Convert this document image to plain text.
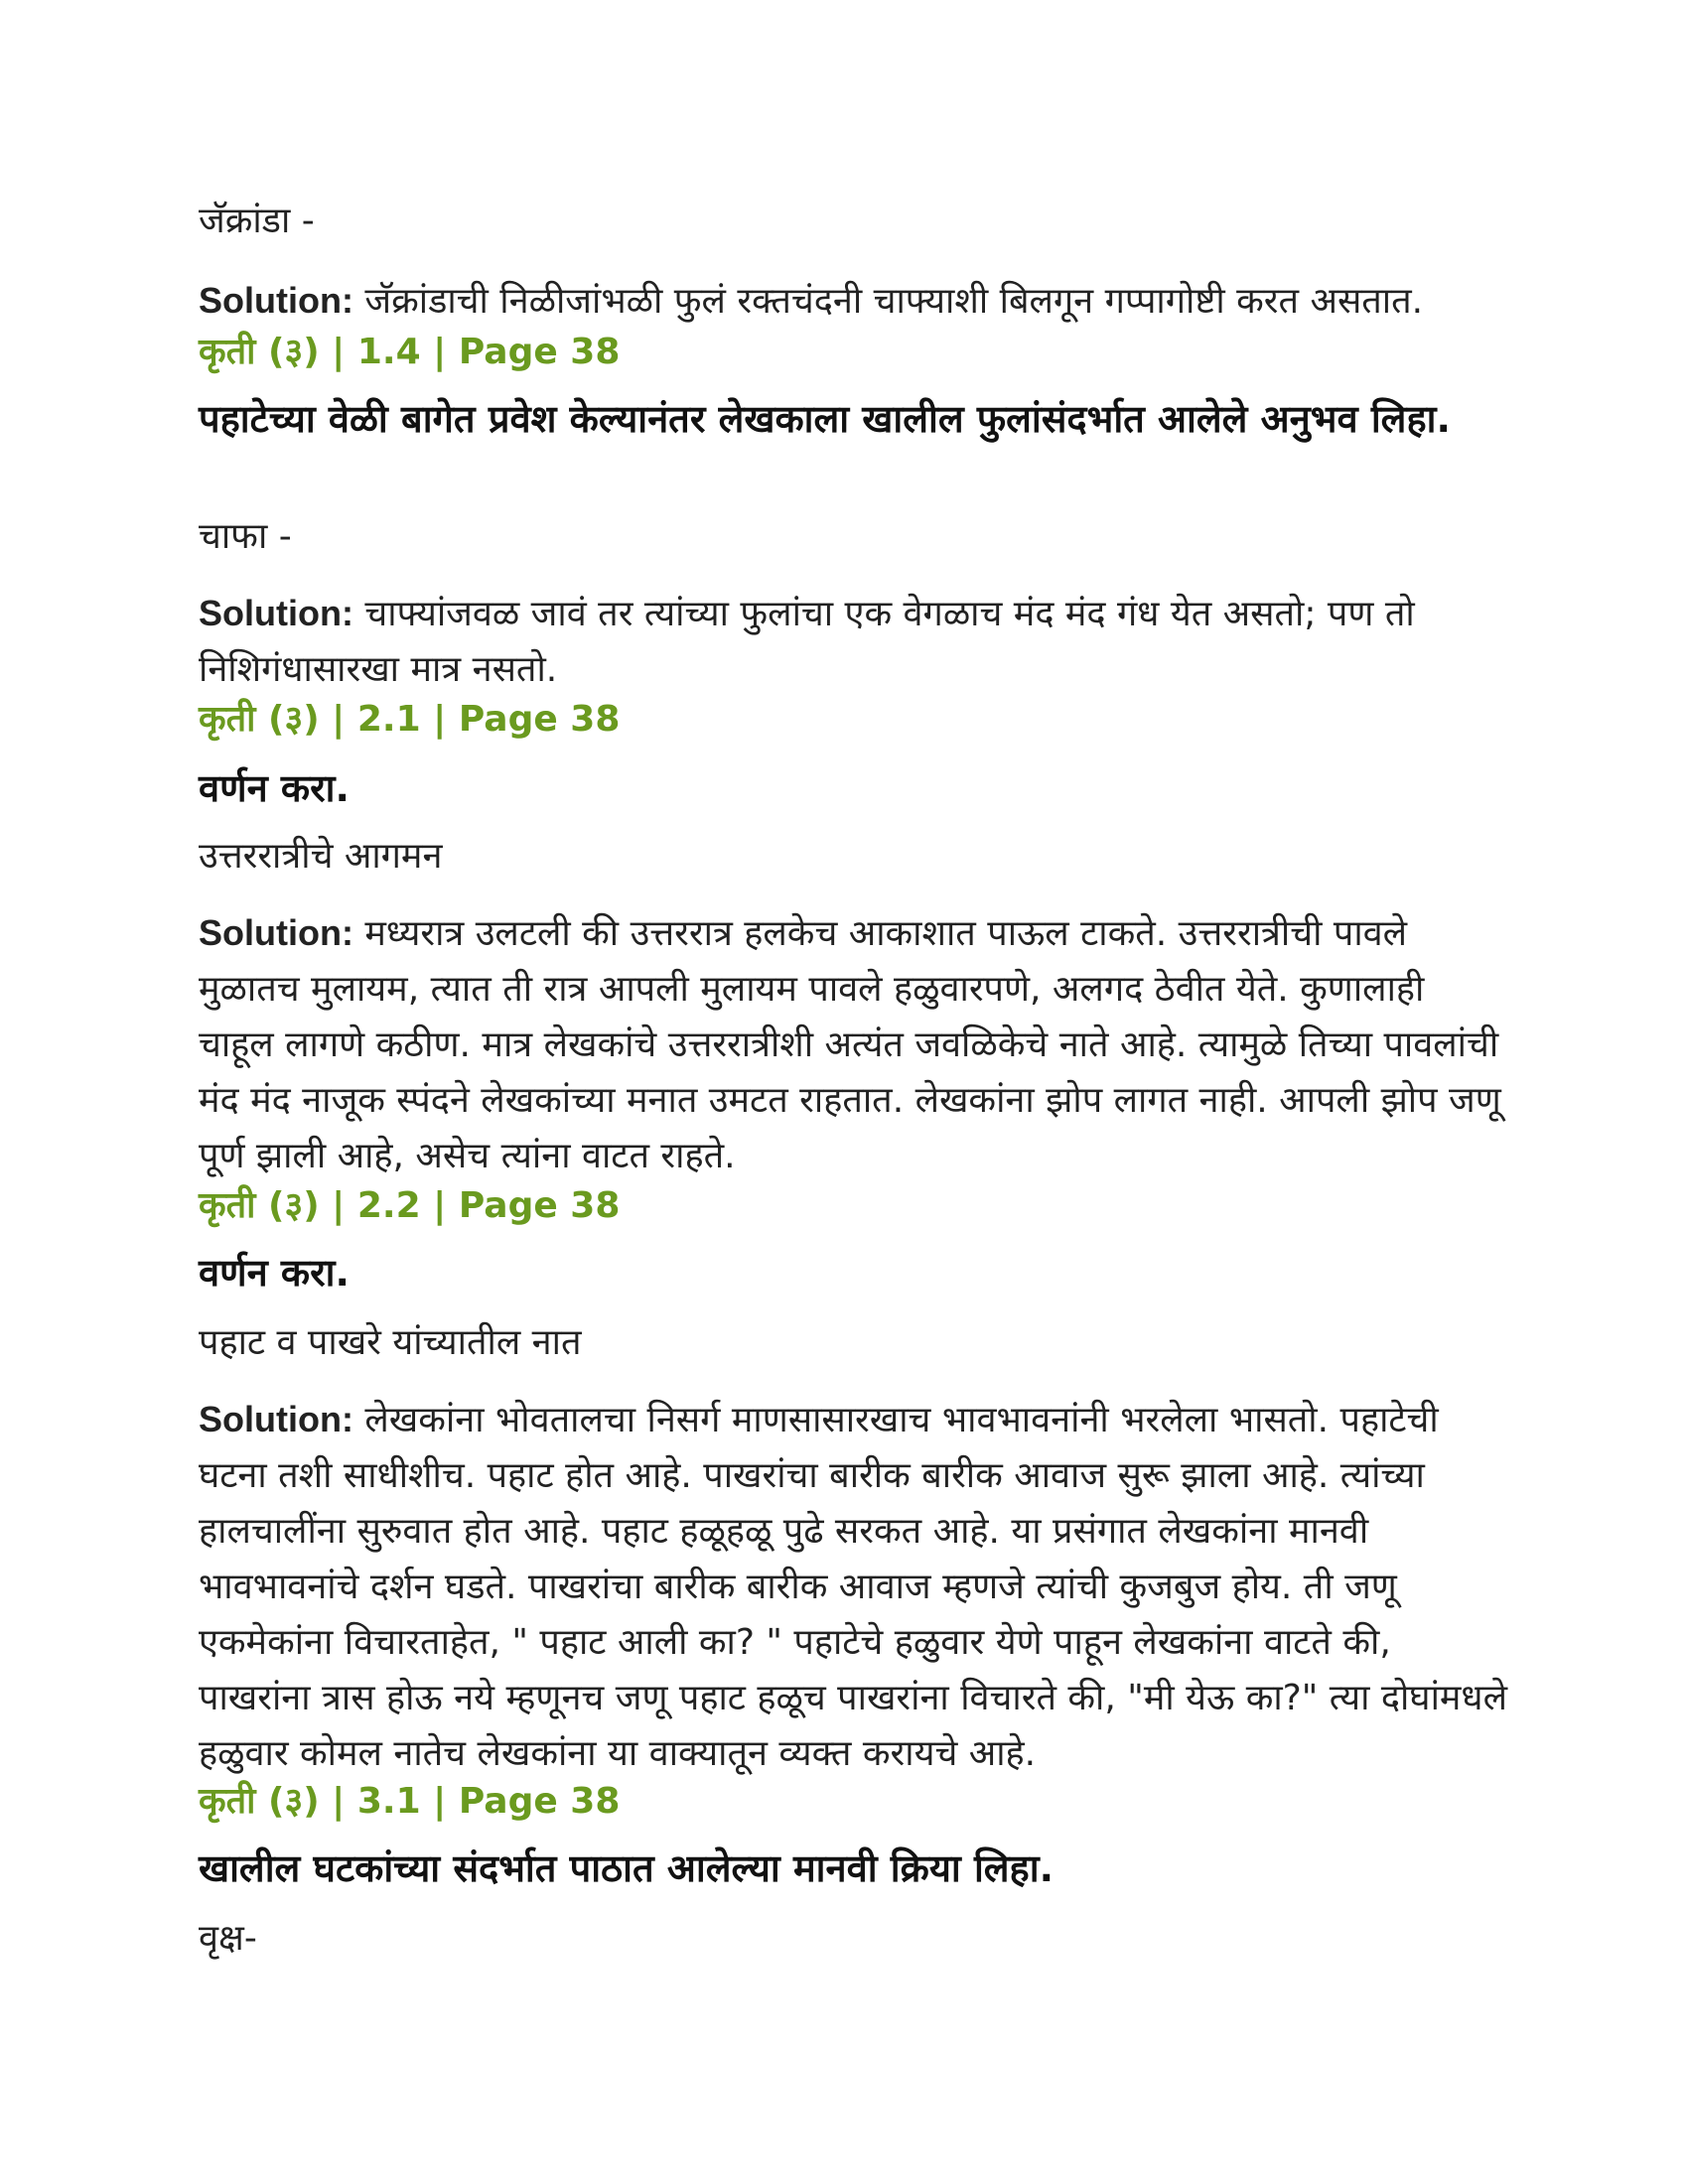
जॅक्रांडा -
Solution: जॅक्रांडाची निळीजांभळी फुलं रक्तचंदनी चाफ्याशी बिलगून गप्पागोष्टी करत असतात.
कृती (३) | 1.4 | Page 38
पहाटेच्या वेळी बागेत प्रवेश केल्यानंतर लेखकाला खालील फुलांसंदर्भात आलेले अनुभव लिहा.
चाफा -
Solution: चाफ्यांजवळ जावं तर त्यांच्या फुलांचा एक वेगळाच मंद मंद गंध येत असतो; पण तो निशिगंधासारखा मात्र नसतो.
कृती (३) | 2.1 | Page 38
वर्णन करा.
उत्तररात्रीचे आगमन
Solution: मध्यरात्र उलटली की उत्तररात्र हलकेच आकाशात पाऊल टाकते. उत्तररात्रीची पावले मुळातच मुलायम, त्यात ती रात्र आपली मुलायम पावले हळुवारपणे, अलगद ठेवीत येते. कुणालाही चाहूल लागणे कठीण. मात्र लेखकांचे उत्तररात्रीशी अत्यंत जवळिकेचे नाते आहे. त्यामुळे तिच्या पावलांची मंद मंद नाजूक स्पंदने लेखकांच्या मनात उमटत राहतात. लेखकांना झोप लागत नाही. आपली झोप जणू पूर्ण झाली आहे, असेच त्यांना वाटत राहते.
कृती (३) | 2.2 | Page 38
वर्णन करा.
पहाट व पाखरे यांच्यातील नात
Solution: लेखकांना भोवतालचा निसर्ग माणसासारखाच भावभावनांनी भरलेला भासतो. पहाटेची घटना तशी साधीशीच. पहाट होत आहे. पाखरांचा बारीक बारीक आवाज सुरू झाला आहे. त्यांच्या हालचालींना सुरुवात होत आहे. पहाट हळूहळू पुढे सरकत आहे. या प्रसंगात लेखकांना मानवी भावभावनांचे दर्शन घडते. पाखरांचा बारीक बारीक आवाज म्हणजे त्यांची कुजबुज होय. ती जणू एकमेकांना विचारताहेत, " पहाट आली का? " पहाटेचे हळुवार येणे पाहून लेखकांना वाटते की, पाखरांना त्रास होऊ नये म्हणूनच जणू पहाट हळूच पाखरांना विचारते की, "मी येऊ का?" त्या दोघांमधले हळुवार कोमल नातेच लेखकांना या वाक्यातून व्यक्त करायचे आहे.
कृती (३) | 3.1 | Page 38
खालील घटकांच्या संदर्भात पाठात आलेल्या मानवी क्रिया लिहा.
वृक्ष-
